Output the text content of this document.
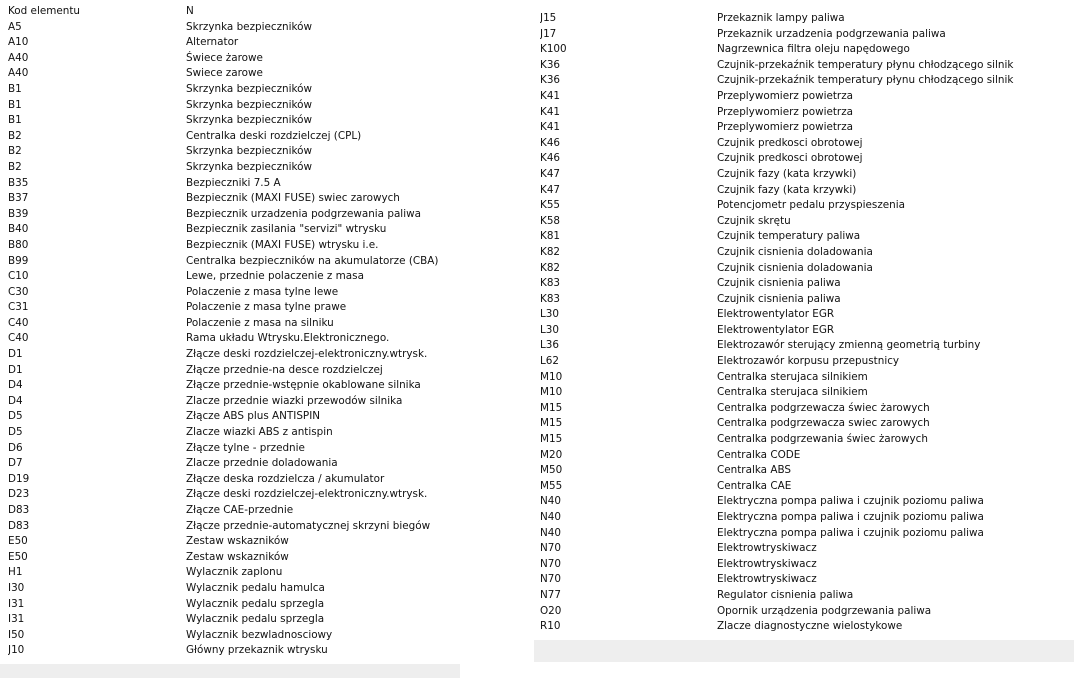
Kod elementu	N
A5	Skrzynka bezpieczników
A10	Alternator
A40	Świece żarowe
A40	Swiece zarowe
B1	Skrzynka bezpieczników
B1	Skrzynka bezpieczników
B1	Skrzynka bezpieczników
B2	Centralka deski rozdzielczej (CPL)
B2	Skrzynka bezpieczników
B2	Skrzynka bezpieczników
B35	Bezpieczniki 7.5 A
B37	Bezpiecznik (MAXI FUSE) swiec zarowych
B39	Bezpiecznik urzadzenia podgrzewania paliwa
B40	Bezpiecznik zasilania "servizi" wtrysku
B80	Bezpiecznik (MAXI FUSE) wtrysku i.e.
B99	Centralka bezpieczników na akumulatorze (CBA)
C10	Lewe, przednie polaczenie z masa
C30	Polaczenie z masa tylne lewe
C31	Polaczenie z masa tylne prawe
C40	Polaczenie z masa na silniku
C40	Rama układu Wtrysku.Elektronicznego.
D1	Złącze deski rozdzielczej-elektroniczny.wtrysk.
D1	Złącze przednie-na desce rozdzielczej
D4	Złącze przednie-wstępnie okablowane silnika
D4	Zlacze przednie wiazki przewodów silnika
D5	Złącze ABS plus ANTISPIN
D5	Zlacze wiazki ABS z antispin
D6	Złącze tylne - przednie
D7	Zlacze przednie doladowania
D19	Złącze deska rozdzielcza / akumulator
D23	Złącze deski rozdzielczej-elektroniczny.wtrysk.
D83	Złącze CAE-przednie
D83	Złącze przednie-automatycznej skrzyni biegów
E50	Zestaw wskazników
E50	Zestaw wskazników
H1	Wylacznik zaplonu
I30	Wylacznik pedalu hamulca
I31	Wylacznik pedalu sprzegla
I31	Wylacznik pedalu sprzegla
I50	Wylacznik bezwladnosciowy
J10	Główny przekaznik wtrysku
J15	Przekaznik lampy paliwa
J17	Przekaznik urzadzenia podgrzewania paliwa
K100	Nagrzewnica filtra oleju napędowego
K36	Czujnik-przekaźnik temperatury płynu chłodzącego silnik
K36	Czujnik-przekaźnik temperatury płynu chłodzącego silnik
K41	Przeplywomierz powietrza
K41	Przeplywomierz powietrza
K41	Przeplywomierz powietrza
K46	Czujnik predkosci obrotowej
K46	Czujnik predkosci obrotowej
K47	Czujnik fazy (kata krzywki)
K47	Czujnik fazy (kata krzywki)
K55	Potencjometr pedalu przyspieszenia
K58	Czujnik skrętu
K81	Czujnik temperatury paliwa
K82	Czujnik cisnienia doladowania
K82	Czujnik cisnienia doladowania
K83	Czujnik cisnienia paliwa
K83	Czujnik cisnienia paliwa
L30	Elektrowentylator EGR
L30	Elektrowentylator EGR
L36	Elektrozawór sterujący zmienną geometrią turbiny
L62	Elektrozawór korpusu przepustnicy
M10	Centralka sterujaca silnikiem
M10	Centralka sterujaca silnikiem
M15	Centralka podgrzewacza świec żarowych
M15	Centralka podgrzewacza swiec zarowych
M15	Centralka podgrzewania świec żarowych
M20	Centralka CODE
M50	Centralka ABS
M55	Centralka CAE
N40	Elektryczna pompa paliwa i czujnik poziomu paliwa
N40	Elektryczna pompa paliwa i czujnik poziomu paliwa
N40	Elektryczna pompa paliwa i czujnik poziomu paliwa
N70	Elektrowtryskiwacz
N70	Elektrowtryskiwacz
N70	Elektrowtryskiwacz
N77	Regulator cisnienia paliwa
O20	Opornik urządzenia podgrzewania paliwa
R10	Zlacze diagnostyczne wielostykowe
